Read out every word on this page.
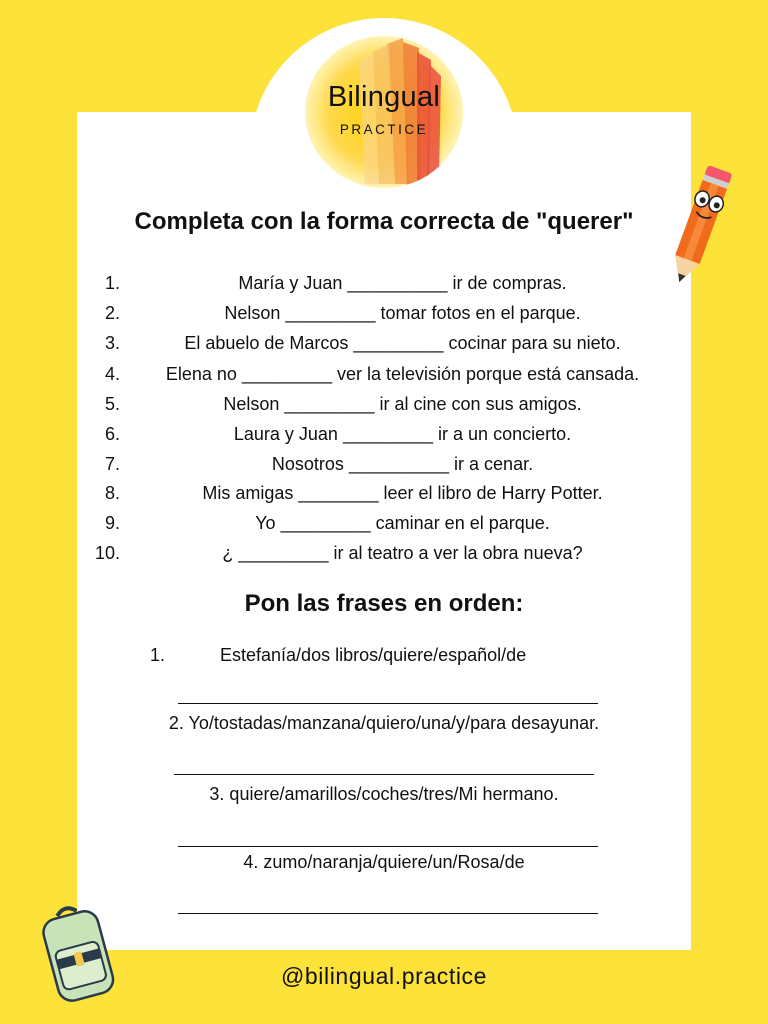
Bilingual
PRACTICE
Completa con la forma correcta de "querer"
1.	María y Juan __________ ir de compras.
2.	Nelson _________ tomar fotos en el parque.
3.	El abuelo de Marcos _________ cocinar para su nieto.
4.	Elena no _________ ver la televisión porque está cansada.
5.	Nelson _________ ir al cine con sus amigos.
6.	Laura y Juan _________ ir a un concierto.
7.	Nosotros __________ ir a cenar.
8.	Mis amigas ________ leer el libro de Harry Potter.
9.	Yo _________ caminar en el parque.
10.	¿ _________ ir al teatro a ver la obra nueva?
Pon las frases en orden:
1.	Estefanía/dos libros/quiere/español/de
2. Yo/tostadas/manzana/quiero/una/y/para desayunar.
3. quiere/amarillos/coches/tres/Mi hermano.
4. zumo/naranja/quiere/un/Rosa/de
@bilingual.practice
